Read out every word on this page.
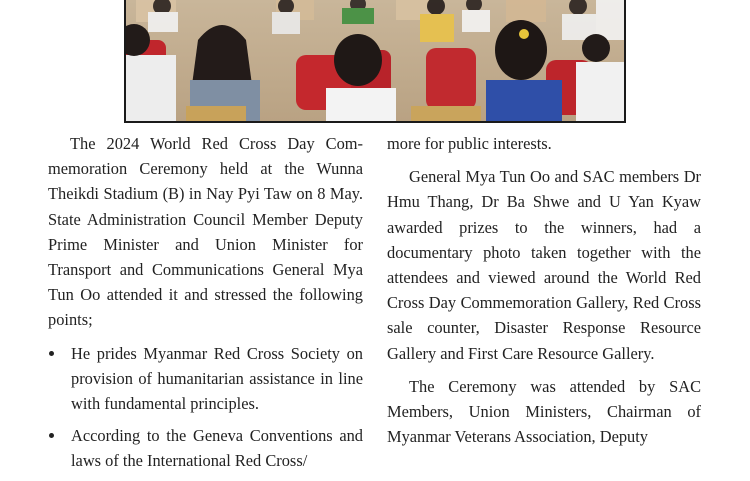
The 2024 World Red Cross Day Commemoration Ceremony held at the Wunna Theikdi Stadium (B) in Nay Pyi Taw on 8 May. State Administration Council Member Deputy Prime Minister and Union Minister for Transport and Communications General Mya Tun Oo attended it and stressed the following points;

He prides Myanmar Red Cross Society on provision of humanitarian assistance in line with fundamental principles.
According to the Geneva Conventions and laws of the International Red Cross/

more for public interests.

General Mya Tun Oo and SAC members Dr Hmu Thang, Dr Ba Shwe and U Yan Kyaw awarded prizes to the winners, had a documentary photo taken together with the attendees and viewed around the World Red Cross Day Commemoration Gallery, Red Cross sale counter, Disaster Response Resource Gallery and First Care Resource Gallery.

The Ceremony was attended by SAC Members, Union Ministers, Chairman of Myanmar Veterans Association, Deputy
